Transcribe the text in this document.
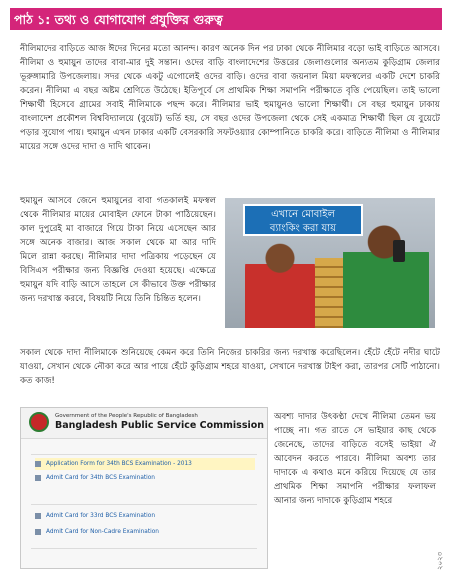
পাঠ ১: তথ্য ও যোগাযোগ প্রযুক্তির গুরুত্ব

নীলিমাদের বাড়িতে আজ ঈদের দিনের মতো আনন্দ। কারণ অনেক দিন পর ঢাকা থেকে নীলিমার বড়ো ভাই বাড়িতে আসবে। নীলিমা ও হুমায়ুন তাদের বাবা-মার দুই সন্তান। ওদের বাড়ি বাংলাদেশের উত্তরের জেলাগুলোর অন্যতম কুড়িগ্রাম জেলার ভূরুঙ্গামারি উপজেলায়। সদর থেকে একটু এগোলেই ওদের বাড়ি। ওদের বাবা জয়নাল মিয়া মফস্বলের একটি দেশে চাকরি করেন। নীলিমা এ বছর অষ্টম শ্রেণিতে উঠেছে। ইতিপূর্বে সে প্রাথমিক শিক্ষা সমাপনি পরীক্ষাতে বৃত্তি পেয়েছিল। তাই ভালো শিক্ষার্থী হিসেবে গ্রামের সবাই নীলিমাকে পছন্দ করে। নীলিমার ভাই হুমায়ুনও ভালো শিক্ষার্থী। সে বছর হুমায়ুন ঢাকায় বাংলাদেশ প্রকৌশল বিশ্ববিদ্যালয়ে (বুয়েট) ভর্তি হয়, সে বছর ওদের উপজেলা থেকে সেই একমাত্র শিক্ষার্থী ছিল যে বুয়েটে পড়ার সুযোগ পায়। হুমায়ুন এখন ঢাকার একটি বেসরকারি সফটওয়্যার কোম্পানিতে চাকরি করে। বাড়িতে নীলিমা ও নীলিমার মায়ের সঙ্গে ওদের দাদা ও দাদি থাকেন।

হুমায়ুন আসবে জেনে হুমায়ুনের বাবা গতকালই মফস্বল থেকে নীলিমার মায়ের মোবাইল ফোনে টাকা পাঠিয়েছেন। কাল দুপুরেই মা বাজারে গিয়ে টাকা নিয়ে এসেছেন আর সঙ্গে অনেক বাজার। আজ সকাল থেকে মা আর দাদি মিলে রান্না করছে। নীলিমার দাদা পত্রিকায় পড়েছেন যে বিসিএস পরীক্ষার জন্য বিজ্ঞপ্তি দেওয়া হয়েছে। এক্ষেত্রে হুমায়ুন যদি বাড়ি আসে তাহলে সে কীভাবে উক্ত পরীক্ষার জন্য দরখাস্ত করবে, বিষয়টি নিয়ে তিনি চিন্তিত হলেন।

এখানে মোবাইল
ব্যাংকিং করা যায়

সকাল থেকে দাদা নীলিমাকে শুনিয়েছে কেমন করে তিনি নিজের চাকরির জন্য দরখাস্ত করেছিলেন। হেঁটে হেঁটে নদীর ঘাটে যাওয়া, সেখান থেকে নৌকা করে আর পায়ে হেঁটে কুড়িগ্রাম শহরে যাওয়া, সেখানে দরখাস্ত টাইপ করা, তারপর সেটি পাঠানো। কত কাজ!

Government of the People's Republic of Bangladesh
Bangladesh Public Service Commission
Application Form for 34th BCS Examination - 2013
Admit Card for 34th BCS Examination
Admit Card for 33rd BCS Examination
Admit Card for Non-Cadre Examination

অবশ্য দাদার উৎকণ্ঠা দেখে নীলিমা তেমন ভয় পাচ্ছে না। গত রাতে সে ভাইয়ার কাছ থেকে জেনেছে, তাদের বাড়িতে বসেই ভাইয়া ঐ আবেদন করতে পারবে। নীলিমা অবশ্য তার দাদাকে এ কথাও মনে করিয়ে দিয়েছে যে তার প্রাথমিক শিক্ষা সমাপনি পরীক্ষার ফলাফল আনার জন্য দাদাকে কুড়িগ্রাম শহরে

২০২৩
